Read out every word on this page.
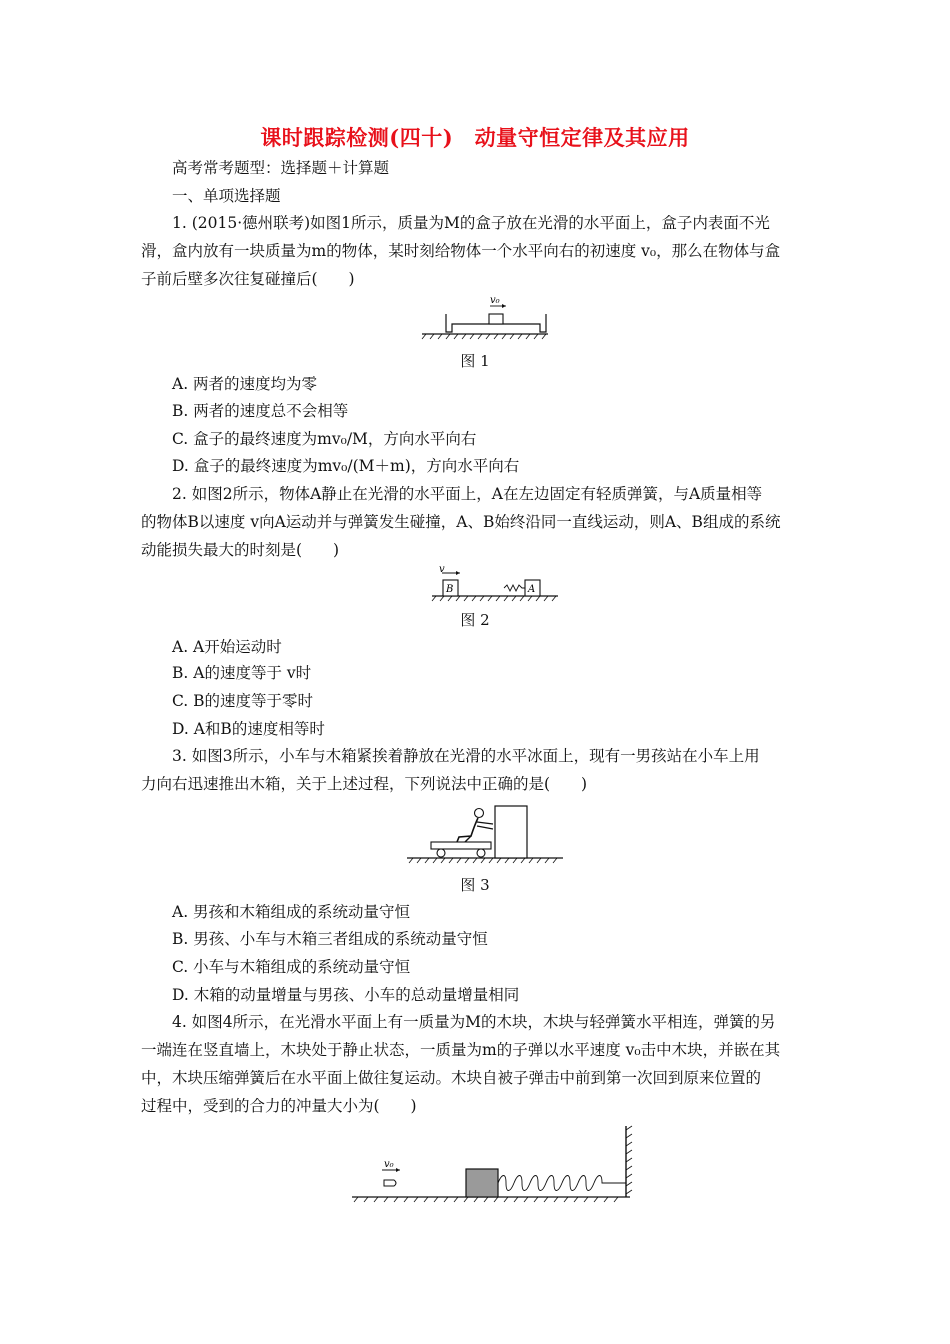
课时跟踪检测(四十)　动量守恒定律及其应用
高考常考题型：选择题＋计算题
一、单项选择题
1. (2015·德州联考)如图1所示，质量为M的盒子放在光滑的水平面上，盒子内表面不光
滑，盒内放有一块质量为m的物体，某时刻给物体一个水平向右的初速度 v₀，那么在物体与盒
子前后壁多次往复碰撞后(　　)
v₀
图 1
A. 两者的速度均为零
B. 两者的速度总不会相等
C. 盒子的最终速度为mv₀/M，方向水平向右
D. 盒子的最终速度为mv₀/(M＋m)，方向水平向右
2. 如图2所示，物体A静止在光滑的水平面上，A在左边固定有轻质弹簧，与A质量相等
的物体B以速度 v向A运动并与弹簧发生碰撞，A、B始终沿同一直线运动，则A、B组成的系统
动能损失最大的时刻是(　　)
B
v
A
图 2
A. A开始运动时
B. A的速度等于 v时
C. B的速度等于零时
D. A和B的速度相等时
3. 如图3所示，小车与木箱紧挨着静放在光滑的水平冰面上，现有一男孩站在小车上用
力向右迅速推出木箱，关于上述过程，下列说法中正确的是(　　)
图 3
A. 男孩和木箱组成的系统动量守恒
B. 男孩、小车与木箱三者组成的系统动量守恒
C. 小车与木箱组成的系统动量守恒
D. 木箱的动量增量与男孩、小车的总动量增量相同
4. 如图4所示，在光滑水平面上有一质量为M的木块，木块与轻弹簧水平相连，弹簧的另
一端连在竖直墙上，木块处于静止状态，一质量为m的子弹以水平速度 v₀击中木块，并嵌在其
中，木块压缩弹簧后在水平面上做往复运动。木块自被子弹击中前到第一次回到原来位置的
过程中，受到的合力的冲量大小为(　　)
v₀
